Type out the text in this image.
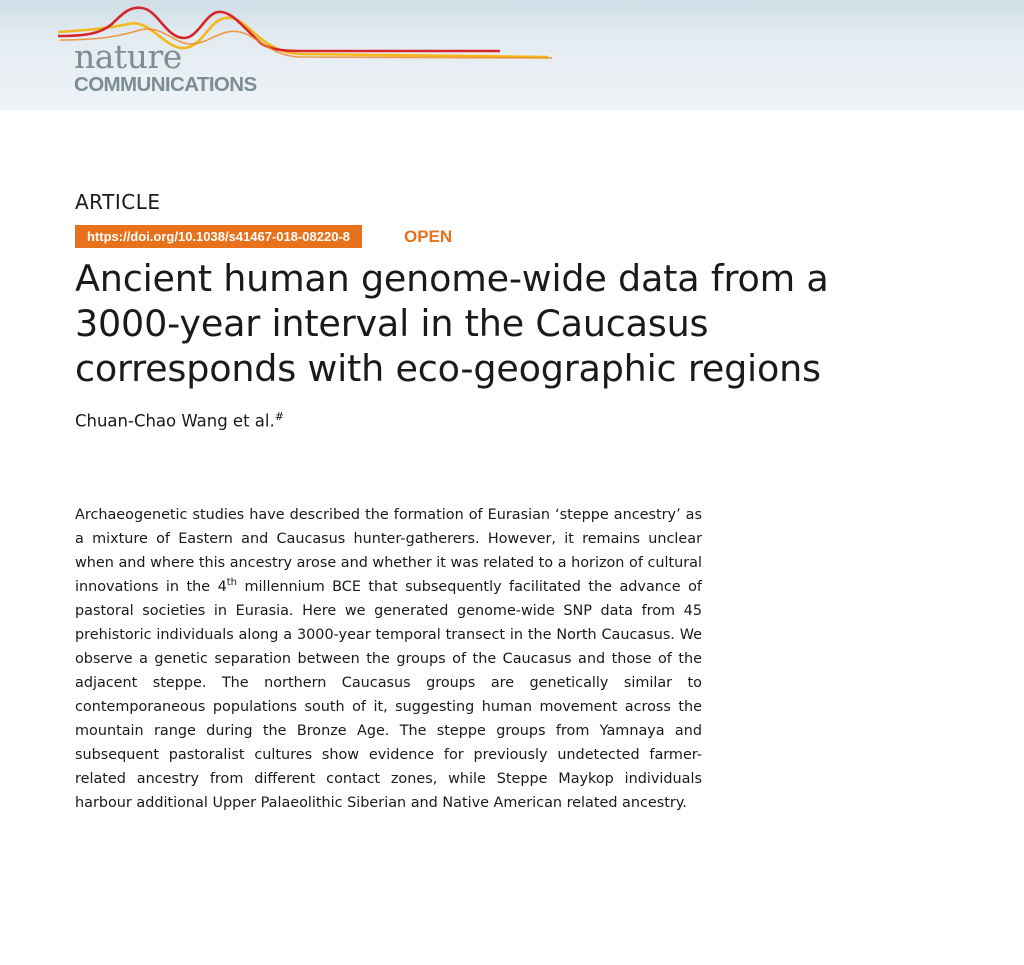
nature
COMMUNICATIONS
ARTICLE
https://doi.org/10.1038/s41467-018-08220-8	OPEN
Ancient human genome-wide data from a 3000-year interval in the Caucasus corresponds with eco-geographic regions

Chuan-Chao Wang et al.#

Archaeogenetic studies have described the formation of Eurasian ‘steppe ancestry’ as a mixture of Eastern and Caucasus hunter-gatherers. However, it remains unclear when and where this ancestry arose and whether it was related to a horizon of cultural innovations in the 4th millennium BCE that subsequently facilitated the advance of pastoral societies in Eurasia. Here we generated genome-wide SNP data from 45 prehistoric individuals along a 3000-year temporal transect in the North Caucasus. We observe a genetic separation between the groups of the Caucasus and those of the adjacent steppe. The northern Caucasus groups are genetically similar to contemporaneous populations south of it, suggesting human movement across the mountain range during the Bronze Age. The steppe groups from Yamnaya and subsequent pastoralist cultures show evidence for previously undetected farmer-related ancestry from different contact zones, while Steppe Maykop individuals harbour additional Upper Palaeolithic Siberian and Native American related ancestry.
